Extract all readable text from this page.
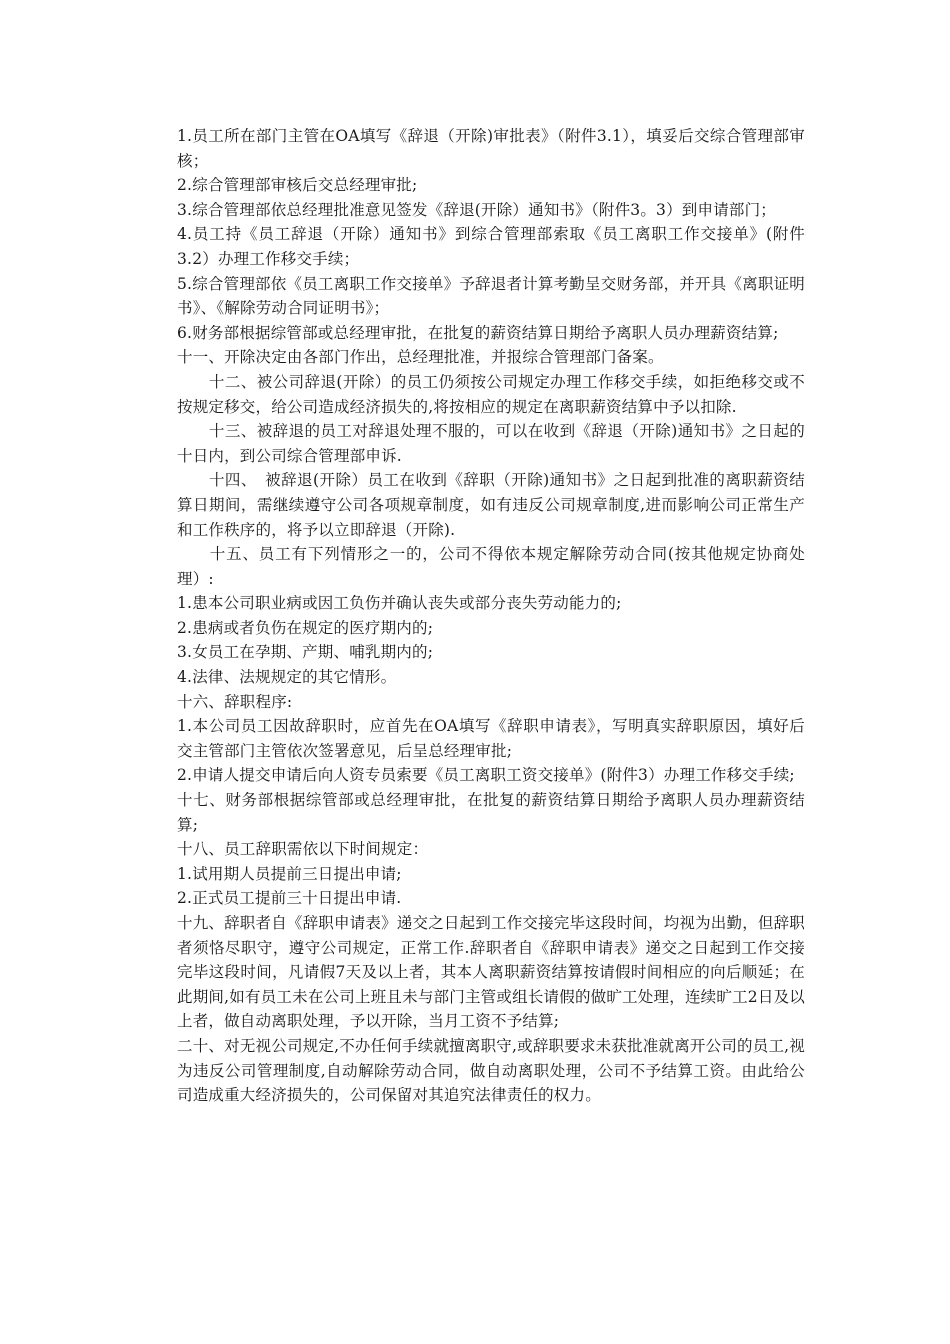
1.员工所在部门主管在OA填写《辞退（开除)审批表》（附件3.1），填妥后交综合管理部审核；

2.综合管理部审核后交总经理审批;

3.综合管理部依总经理批准意见签发《辞退(开除）通知书》（附件3。3）到申请部门；

4.员工持《员工辞退（开除）通知书》到综合管理部索取《员工离职工作交接单》(附件3.2）办理工作移交手续；

5.综合管理部依《员工离职工作交接单》予辞退者计算考勤呈交财务部，并开具《离职证明书》、《解除劳动合同证明书》；

6.财务部根据综管部或总经理审批，在批复的薪资结算日期给予离职人员办理薪资结算;

十一、开除决定由各部门作出，总经理批准，并报综合管理部门备案。

　　十二、被公司辞退(开除）的员工仍须按公司规定办理工作移交手续，如拒绝移交或不按规定移交，给公司造成经济损失的,将按相应的规定在离职薪资结算中予以扣除.

　　十三、被辞退的员工对辞退处理不服的，可以在收到《辞退（开除)通知书》之日起的十日内，到公司综合管理部申诉.

　　十四、　被辞退(开除）员工在收到《辞职（开除)通知书》之日起到批准的离职薪资结算日期间，需继续遵守公司各项规章制度，如有违反公司规章制度,进而影响公司正常生产和工作秩序的，将予以立即辞退（开除).

　　十五、员工有下列情形之一的，公司不得依本规定解除劳动合同(按其他规定协商处理）:

1.患本公司职业病或因工负伤并确认丧失或部分丧失劳动能力的;

2.患病或者负伤在规定的医疗期内的;

3.女员工在孕期、产期、哺乳期内的;

4.法律、法规规定的其它情形。

十六、辞职程序:

1.本公司员工因故辞职时，应首先在OA填写《辞职申请表》，写明真实辞职原因，填好后交主管部门主管依次签署意见，后呈总经理审批;

2.申请人提交申请后向人资专员索要《员工离职工资交接单》(附件3）办理工作移交手续;

十七、财务部根据综管部或总经理审批，在批复的薪资结算日期给予离职人员办理薪资结算;

十八、员工辞职需依以下时间规定：

1.试用期人员提前三日提出申请;

2.正式员工提前三十日提出申请.

十九、辞职者自《辞职申请表》递交之日起到工作交接完毕这段时间，均视为出勤，但辞职者须恪尽职守，遵守公司规定，正常工作.辞职者自《辞职申请表》递交之日起到工作交接完毕这段时间，凡请假7天及以上者，其本人离职薪资结算按请假时间相应的向后顺延；在此期间,如有员工未在公司上班且未与部门主管或组长请假的做旷工处理，连续旷工2日及以上者，做自动离职处理，予以开除，当月工资不予结算;

二十、对无视公司规定,不办任何手续就擅离职守,或辞职要求未获批准就离开公司的员工,视为违反公司管理制度,自动解除劳动合同，做自动离职处理，公司不予结算工资。由此给公司造成重大经济损失的，公司保留对其追究法律责任的权力。
